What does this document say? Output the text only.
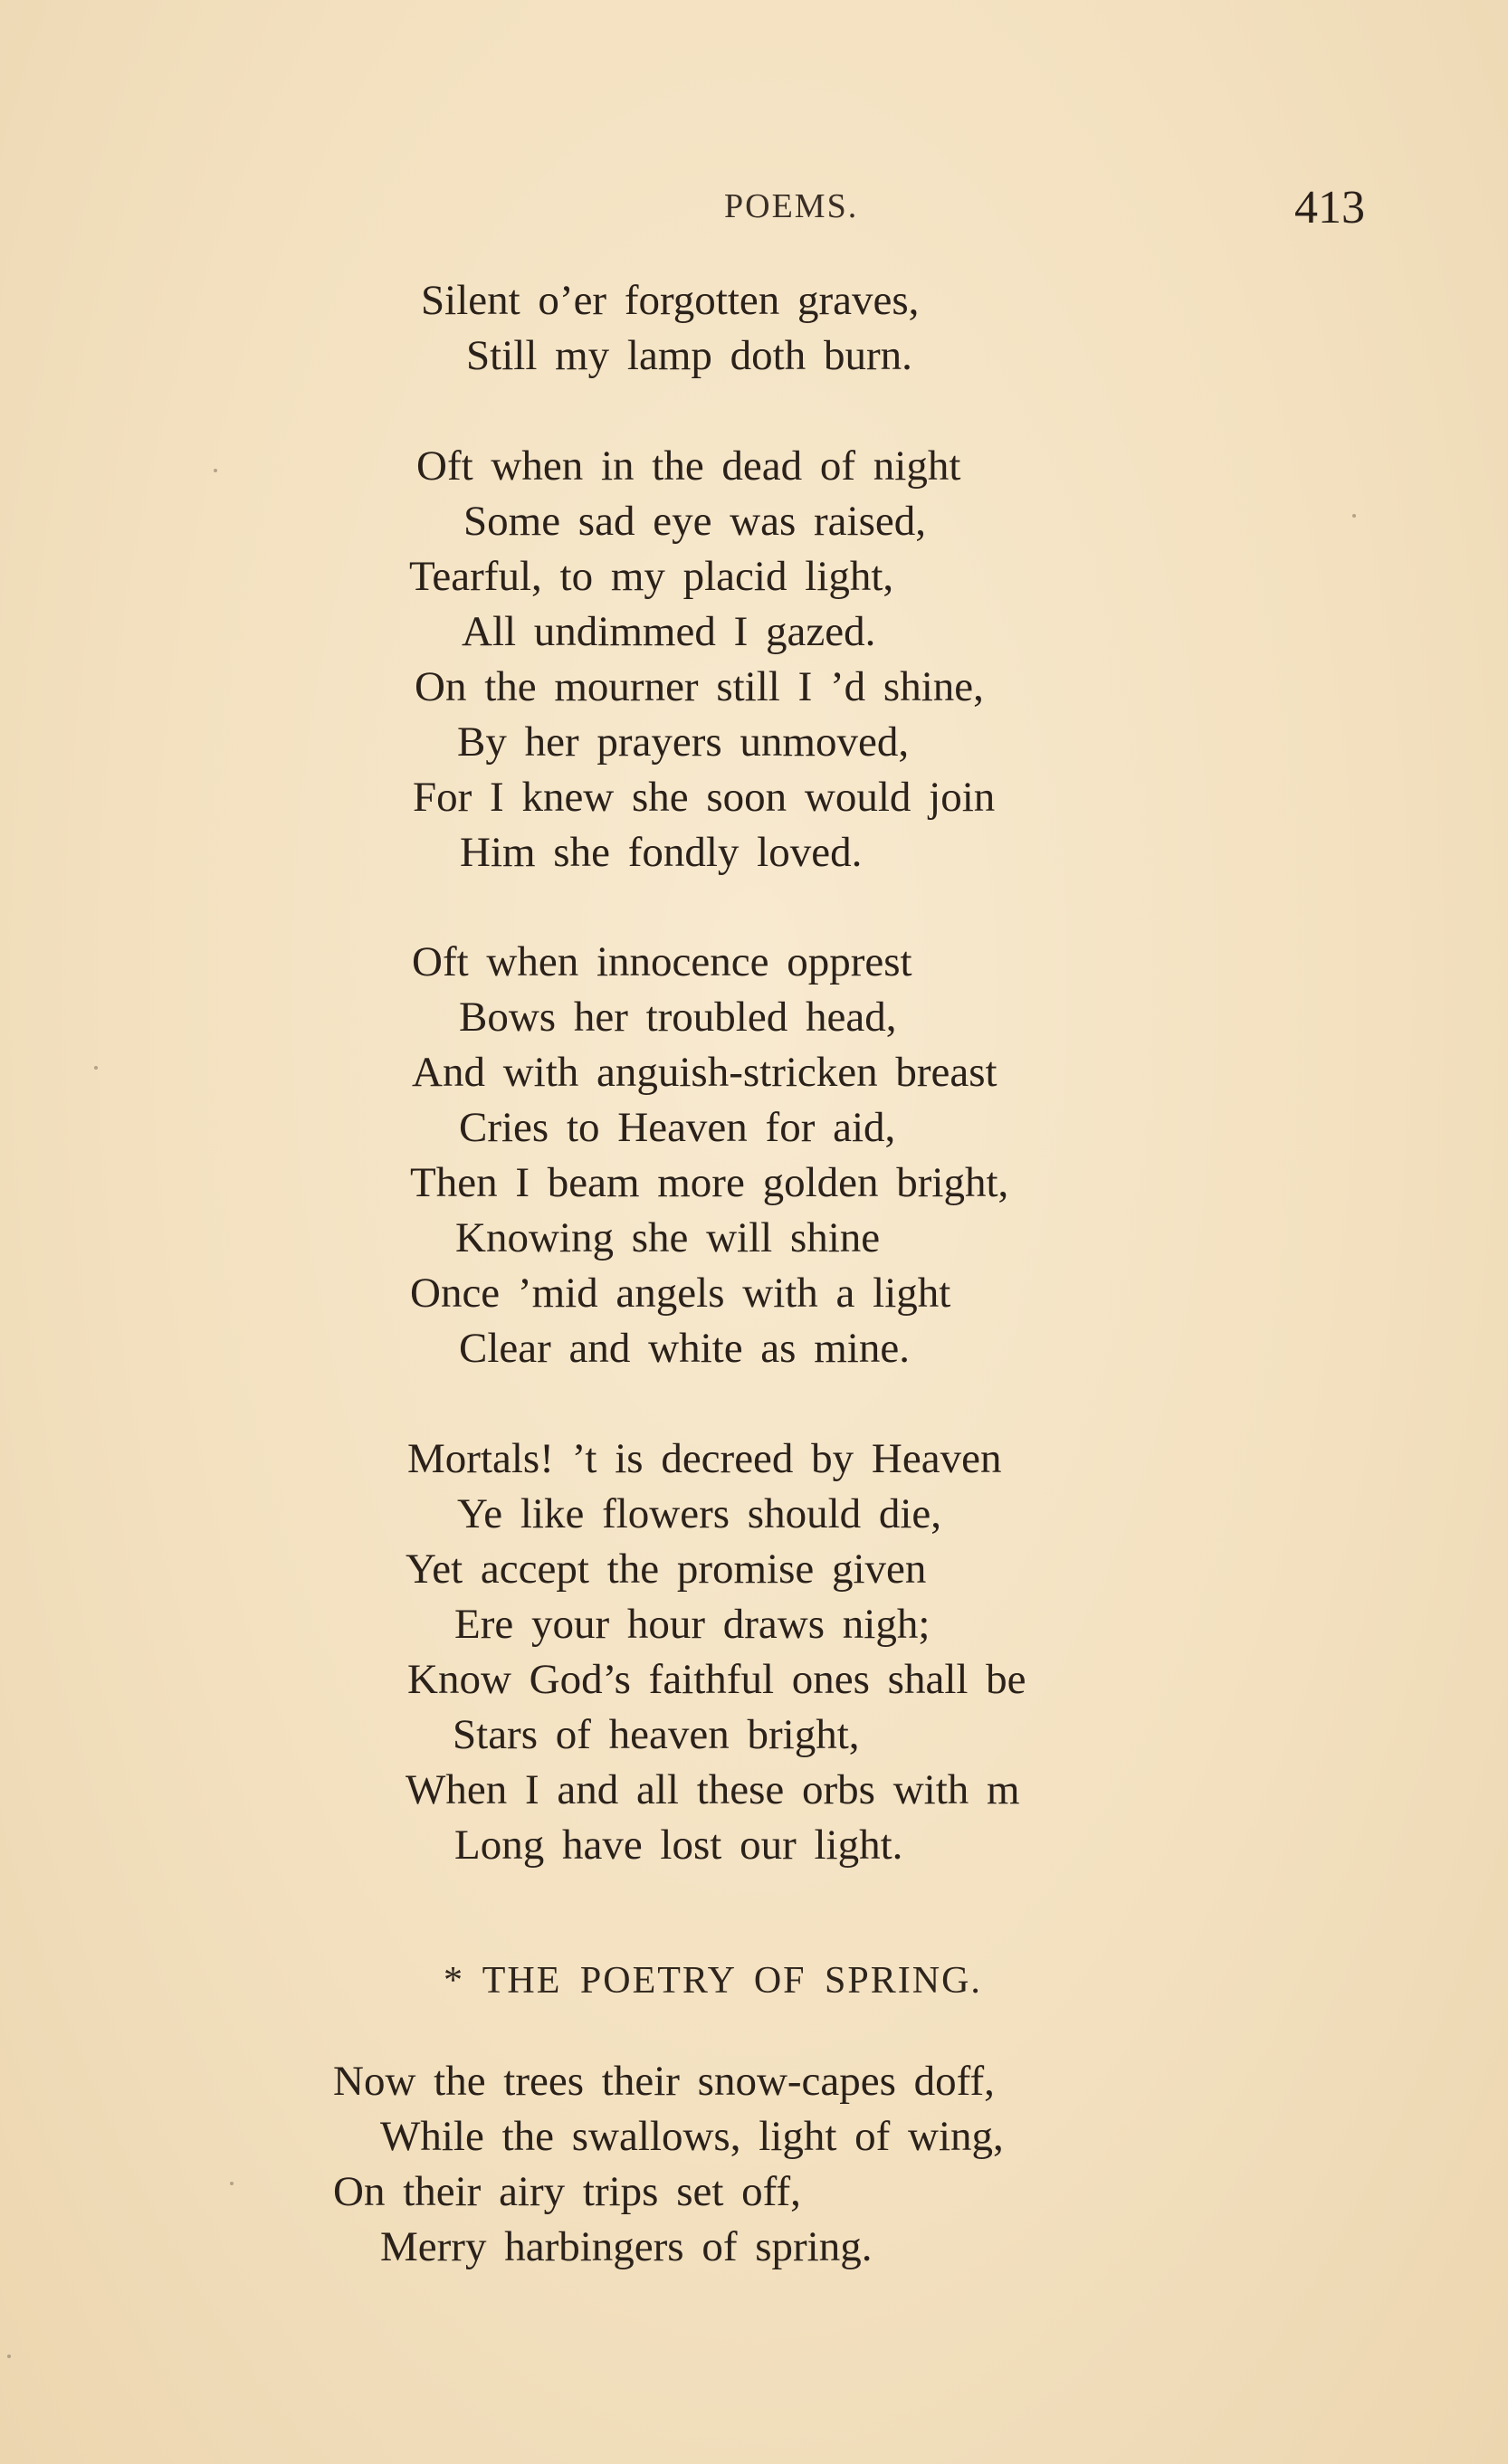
POEMS.	413
Silent o’er forgotten graves,
Still my lamp doth burn.
Oft when in the dead of night
Some sad eye was raised,
Tearful, to my placid light,
All undimmed I gazed.
On the mourner still I ’d shine,
By her prayers unmoved,
For I knew she soon would join
Him she fondly loved.
Oft when innocence opprest
Bows her troubled head,
And with anguish-stricken breast
Cries to Heaven for aid,
Then I beam more golden bright,
Knowing she will shine
Once ’mid angels with a light
Clear and white as mine.
Mortals! ’t is decreed by Heaven
Ye like flowers should die,
Yet accept the promise given
Ere your hour draws nigh;
Know God’s faithful ones shall be
Stars of heaven bright,
When I and all these orbs with m
Long have lost our light.
* THE POETRY OF SPRING.
Now the trees their snow-capes doff,
While the swallows, light of wing,
On their airy trips set off,
Merry harbingers of spring.
